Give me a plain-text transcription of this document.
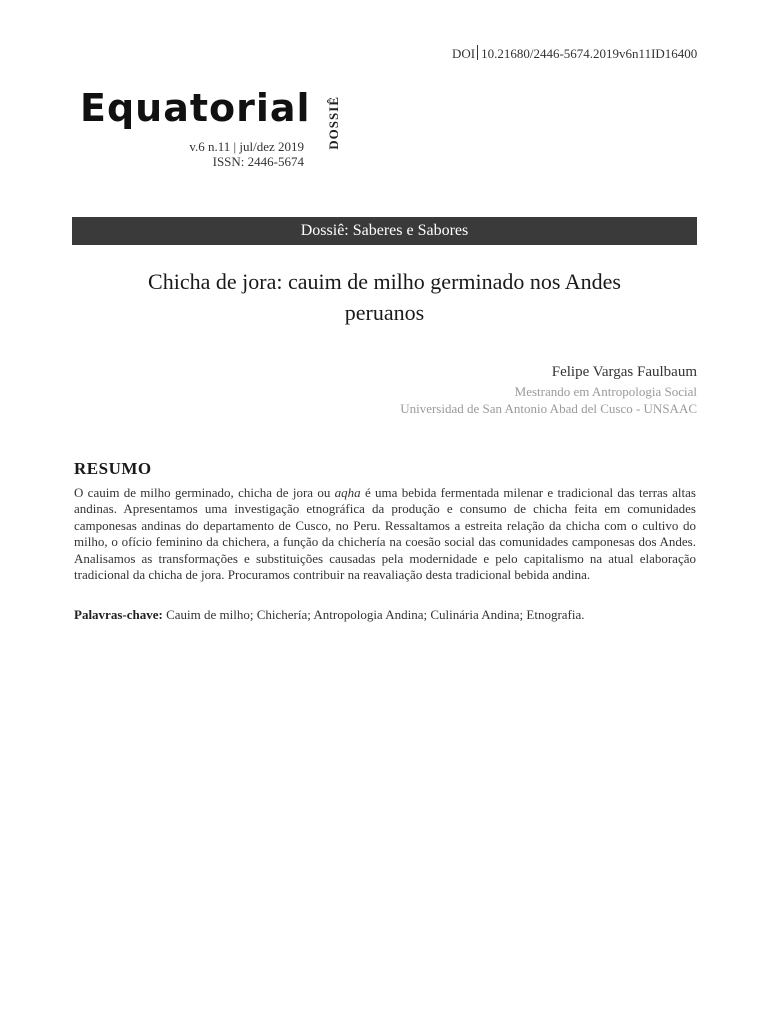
DOI 10.21680/2446-5674.2019v6n11ID16400
Equatorial
v.6 n.11 | jul/dez 2019
ISSN: 2446-5674
DOSSIÊ
Dossiê: Saberes e Sabores
Chicha de jora: cauim de milho germinado nos Andes
peruanos
Felipe Vargas Faulbaum
Mestrando em Antropologia Social
Universidad de San Antonio Abad del Cusco - UNSAAC
RESUMO
O cauim de milho germinado, chicha de jora ou aqha é uma bebida fermentada milenar e tradicional das terras altas andinas. Apresentamos uma investigação etnográfica da produção e consumo de chicha feita em comunidades camponesas andinas do departamento de Cusco, no Peru. Ressaltamos a estreita relação da chicha com o cultivo do milho, o ofício feminino da chichera, a função da chichería na coesão social das comunidades camponesas dos Andes. Analisamos as transformações e substituições causadas pela modernidade e pelo capitalismo na atual elaboração tradicional da chicha de jora. Procuramos contribuir na reavaliação desta tradicional bebida andina.
Palavras-chave: Cauim de milho; Chichería; Antropologia Andina; Culinária Andina; Etnografia.
